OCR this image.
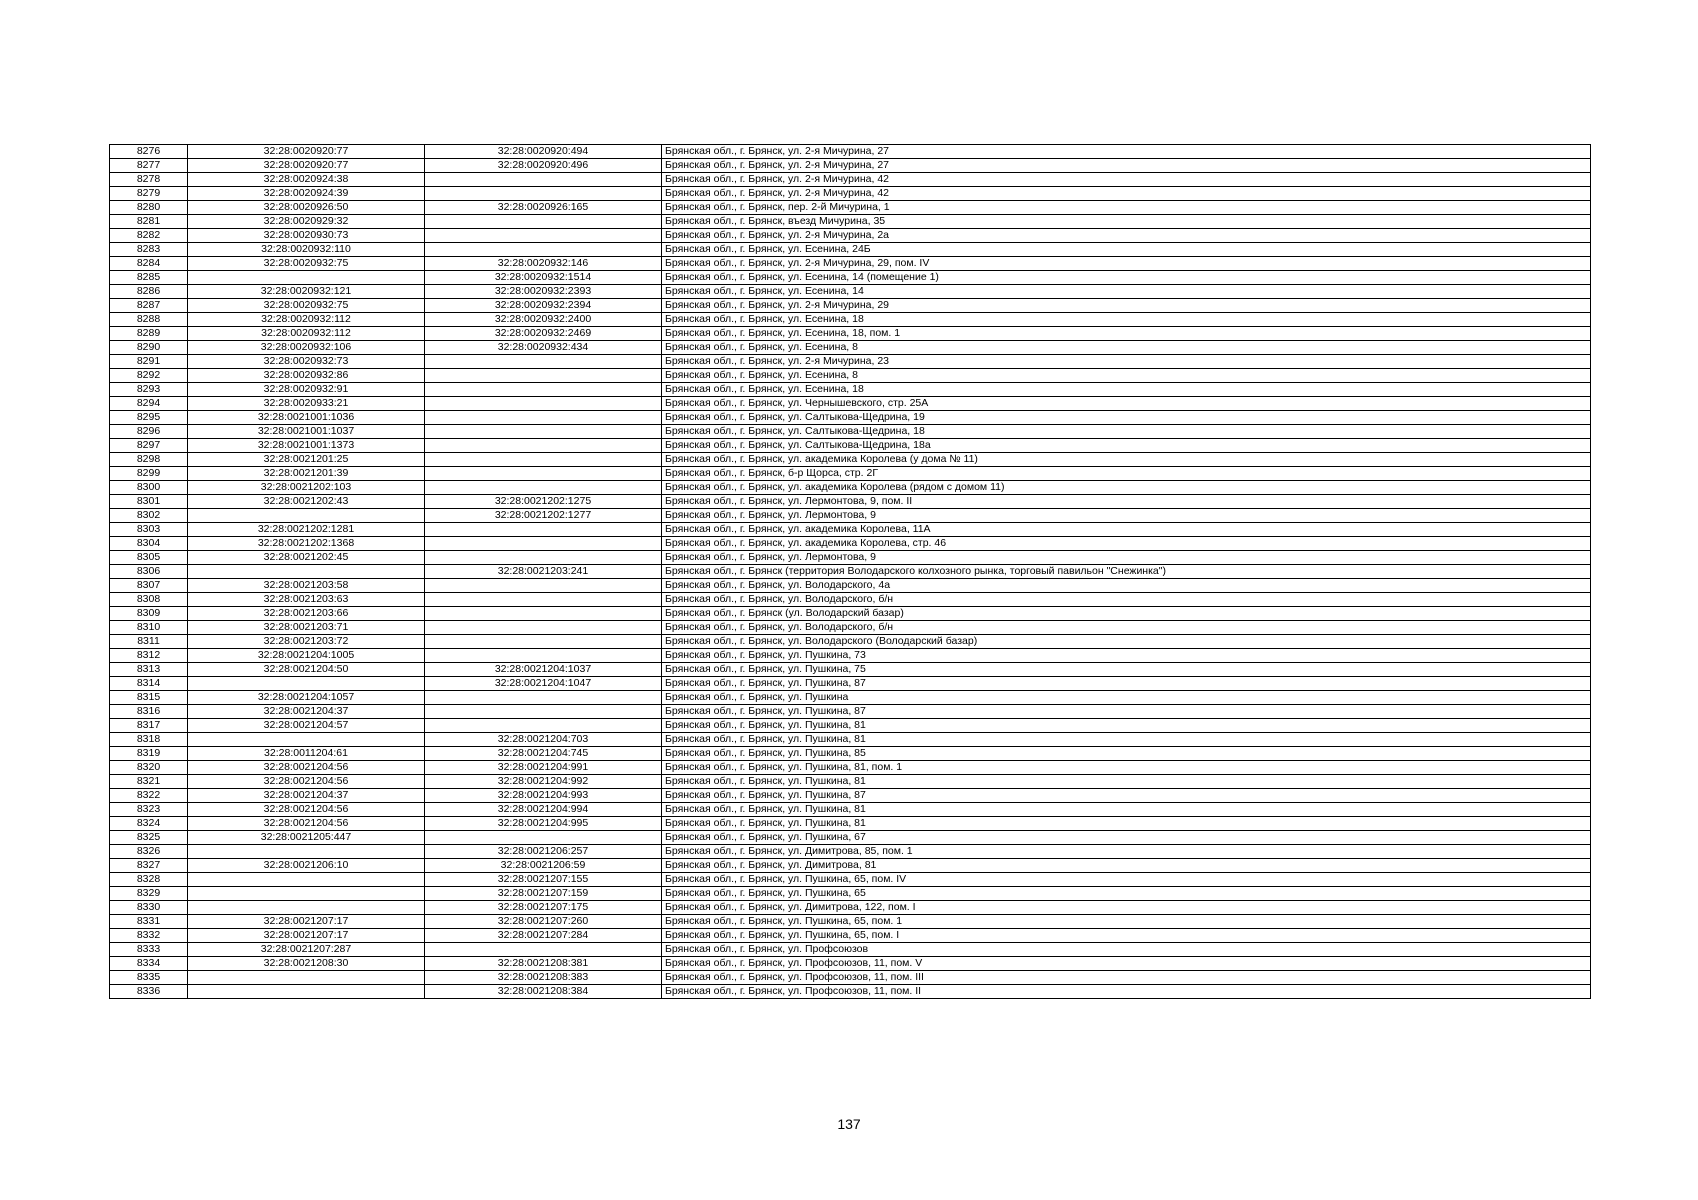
8276	32:28:0020920:77	32:28:0020920:494	Брянская обл., г. Брянск, ул. 2-я Мичурина, 27
8277	32:28:0020920:77	32:28:0020920:496	Брянская обл., г. Брянск, ул. 2-я Мичурина, 27
8278	32:28:0020924:38		Брянская обл., г. Брянск, ул. 2-я Мичурина, 42
8279	32:28:0020924:39		Брянская обл., г. Брянск, ул. 2-я Мичурина, 42
8280	32:28:0020926:50	32:28:0020926:165	Брянская обл., г. Брянск, пер. 2-й Мичурина, 1
8281	32:28:0020929:32		Брянская обл., г. Брянск, въезд Мичурина, 35
8282	32:28:0020930:73		Брянская обл., г. Брянск, ул. 2-я Мичурина, 2а
8283	32:28:0020932:110		Брянская обл., г. Брянск, ул. Есенина, 24Б
8284	32:28:0020932:75	32:28:0020932:146	Брянская обл., г. Брянск, ул. 2-я Мичурина, 29, пом. IV
8285		32:28:0020932:1514	Брянская обл., г. Брянск, ул. Есенина, 14 (помещение 1)
8286	32:28:0020932:121	32:28:0020932:2393	Брянская обл., г. Брянск, ул. Есенина, 14
8287	32:28:0020932:75	32:28:0020932:2394	Брянская обл., г. Брянск, ул. 2-я Мичурина, 29
8288	32:28:0020932:112	32:28:0020932:2400	Брянская обл., г. Брянск, ул. Есенина, 18
8289	32:28:0020932:112	32:28:0020932:2469	Брянская обл., г. Брянск, ул. Есенина, 18, пом. 1
8290	32:28:0020932:106	32:28:0020932:434	Брянская обл., г. Брянск, ул. Есенина, 8
8291	32:28:0020932:73		Брянская обл., г. Брянск, ул. 2-я Мичурина, 23
8292	32:28:0020932:86		Брянская обл., г. Брянск, ул. Есенина, 8
8293	32:28:0020932:91		Брянская обл., г. Брянск, ул. Есенина, 18
8294	32:28:0020933:21		Брянская обл., г. Брянск, ул. Чернышевского, стр. 25А
8295	32:28:0021001:1036		Брянская обл., г. Брянск, ул. Салтыкова-Щедрина, 19
8296	32:28:0021001:1037		Брянская обл., г. Брянск, ул. Салтыкова-Щедрина, 18
8297	32:28:0021001:1373		Брянская обл., г. Брянск, ул. Салтыкова-Щедрина, 18а
8298	32:28:0021201:25		Брянская обл., г. Брянск, ул. академика Королева (у дома № 11)
8299	32:28:0021201:39		Брянская обл., г. Брянск, б-р Щорса, стр. 2Г
8300	32:28:0021202:103		Брянская обл., г. Брянск, ул. академика Королева (рядом с домом 11)
8301	32:28:0021202:43	32:28:0021202:1275	Брянская обл., г. Брянск, ул. Лермонтова, 9, пом. II
8302		32:28:0021202:1277	Брянская обл., г. Брянск, ул. Лермонтова, 9
8303	32:28:0021202:1281		Брянская обл., г. Брянск, ул. академика Королева, 11А
8304	32:28:0021202:1368		Брянская обл., г. Брянск, ул. академика Королева, стр. 46
8305	32:28:0021202:45		Брянская обл., г. Брянск, ул. Лермонтова, 9
8306		32:28:0021203:241	Брянская обл., г. Брянск (территория Володарского колхозного рынка, торговый павильон "Снежинка")
8307	32:28:0021203:58		Брянская обл., г. Брянск, ул. Володарского, 4а
8308	32:28:0021203:63		Брянская обл., г. Брянск, ул. Володарского, б/н
8309	32:28:0021203:66		Брянская обл., г. Брянск (ул. Володарский базар)
8310	32:28:0021203:71		Брянская обл., г. Брянск, ул. Володарского, б/н
8311	32:28:0021203:72		Брянская обл., г. Брянск, ул. Володарского (Володарский базар)
8312	32:28:0021204:1005		Брянская обл., г. Брянск, ул. Пушкина, 73
8313	32:28:0021204:50	32:28:0021204:1037	Брянская обл., г. Брянск, ул. Пушкина, 75
8314		32:28:0021204:1047	Брянская обл., г. Брянск, ул. Пушкина, 87
8315	32:28:0021204:1057		Брянская обл., г. Брянск, ул. Пушкина
8316	32:28:0021204:37		Брянская обл., г. Брянск, ул. Пушкина, 87
8317	32:28:0021204:57		Брянская обл., г. Брянск, ул. Пушкина, 81
8318		32:28:0021204:703	Брянская обл., г. Брянск, ул. Пушкина, 81
8319	32:28:0011204:61	32:28:0021204:745	Брянская обл., г. Брянск, ул. Пушкина, 85
8320	32:28:0021204:56	32:28:0021204:991	Брянская обл., г. Брянск, ул. Пушкина, 81, пом. 1
8321	32:28:0021204:56	32:28:0021204:992	Брянская обл., г. Брянск, ул. Пушкина, 81
8322	32:28:0021204:37	32:28:0021204:993	Брянская обл., г. Брянск, ул. Пушкина, 87
8323	32:28:0021204:56	32:28:0021204:994	Брянская обл., г. Брянск, ул. Пушкина, 81
8324	32:28:0021204:56	32:28:0021204:995	Брянская обл., г. Брянск, ул. Пушкина, 81
8325	32:28:0021205:447		Брянская обл., г. Брянск, ул. Пушкина, 67
8326		32:28:0021206:257	Брянская обл., г. Брянск, ул. Димитрова, 85, пом. 1
8327	32:28:0021206:10	32:28:0021206:59	Брянская обл., г. Брянск, ул. Димитрова, 81
8328		32:28:0021207:155	Брянская обл., г. Брянск, ул. Пушкина, 65, пом. IV
8329		32:28:0021207:159	Брянская обл., г. Брянск, ул. Пушкина, 65
8330		32:28:0021207:175	Брянская обл., г. Брянск, ул. Димитрова, 122, пом. I
8331	32:28:0021207:17	32:28:0021207:260	Брянская обл., г. Брянск, ул. Пушкина, 65, пом. 1
8332	32:28:0021207:17	32:28:0021207:284	Брянская обл., г. Брянск, ул. Пушкина, 65, пом. I
8333	32:28:0021207:287		Брянская обл., г. Брянск, ул. Профсоюзов
8334	32:28:0021208:30	32:28:0021208:381	Брянская обл., г. Брянск, ул. Профсоюзов, 11, пом. V
8335		32:28:0021208:383	Брянская обл., г. Брянск, ул. Профсоюзов, 11, пом. III
8336		32:28:0021208:384	Брянская обл., г. Брянск, ул. Профсоюзов, 11, пом. II
137
